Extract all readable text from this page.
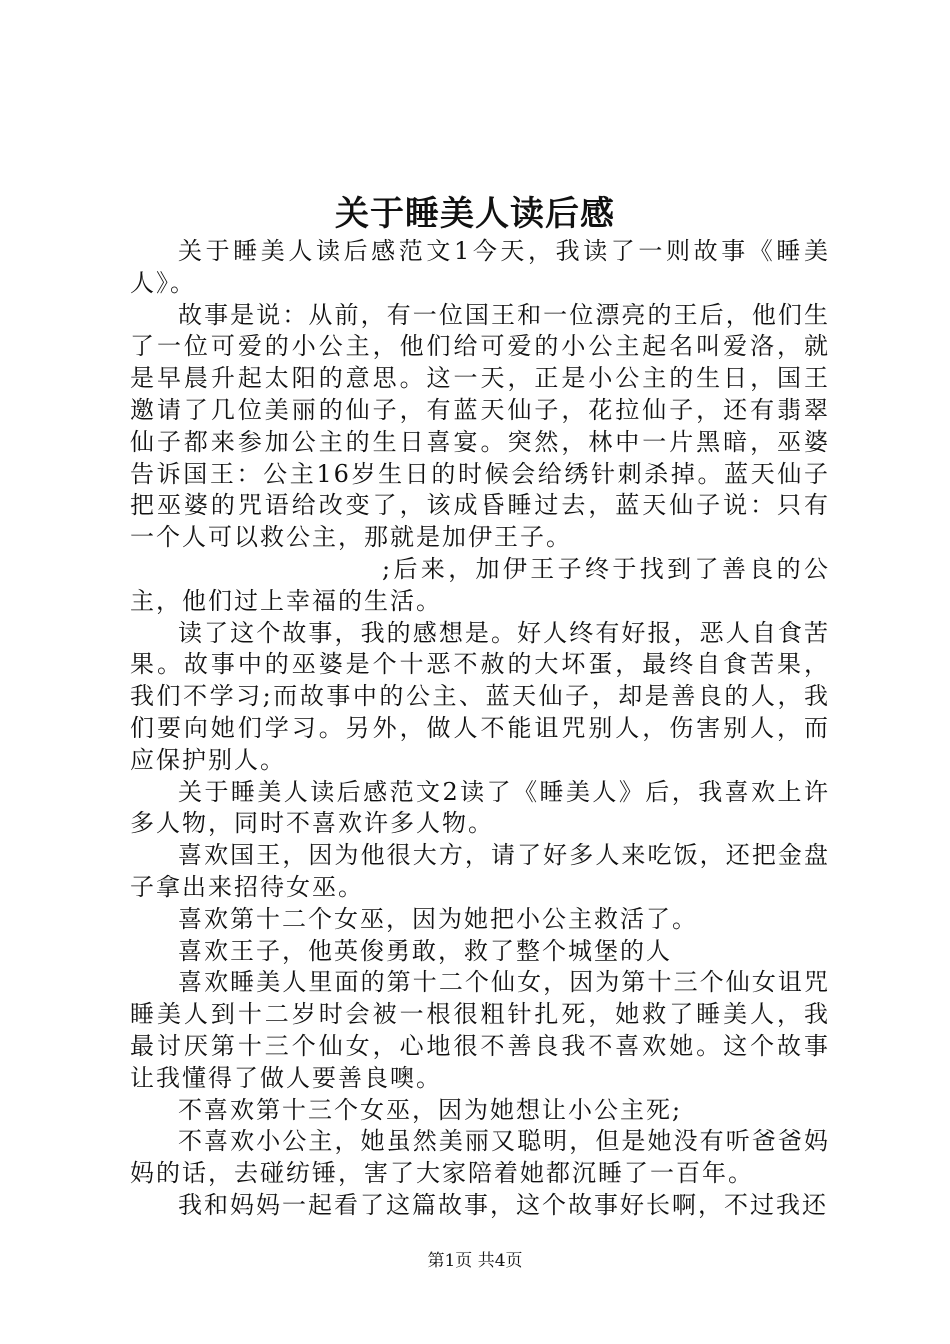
关于睡美人读后感

关于睡美人读后感范文1今天，我读了一则故事《睡美人》。

故事是说：从前，有一位国王和一位漂亮的王后，他们生了一位可爱的小公主，他们给可爱的小公主起名叫爱洛，就是早晨升起太阳的意思。这一天，正是小公主的生日，国王邀请了几位美丽的仙子，有蓝天仙子，花拉仙子，还有翡翠仙子都来参加公主的生日喜宴。突然，林中一片黑暗，巫婆告诉国王：公主16岁生日的时候会给绣针刺杀掉。蓝天仙子把巫婆的咒语给改变了，该成昏睡过去，蓝天仙子说：只有一个人可以救公主，那就是加伊王子。

;后来，加伊王子终于找到了善良的公主，他们过上幸福的生活。

读了这个故事，我的感想是。好人终有好报，恶人自食苦果。故事中的巫婆是个十恶不赦的大坏蛋，最终自食苦果，我们不学习;而故事中的公主、蓝天仙子，却是善良的人，我们要向她们学习。另外，做人不能诅咒别人，伤害别人，而应保护别人。

关于睡美人读后感范文2读了《睡美人》后，我喜欢上许多人物，同时不喜欢许多人物。

喜欢国王，因为他很大方，请了好多人来吃饭，还把金盘子拿出来招待女巫。

喜欢第十二个女巫，因为她把小公主救活了。

喜欢王子，他英俊勇敢，救了整个城堡的人

喜欢睡美人里面的第十二个仙女，因为第十三个仙女诅咒睡美人到十二岁时会被一根很粗针扎死，她救了睡美人，我最讨厌第十三个仙女，心地很不善良我不喜欢她。这个故事让我懂得了做人要善良噢。

不喜欢第十三个女巫，因为她想让小公主死;

不喜欢小公主，她虽然美丽又聪明，但是她没有听爸爸妈妈的话，去碰纺锤，害了大家陪着她都沉睡了一百年。

我和妈妈一起看了这篇故事，这个故事好长啊，不过我还

第1页 共4页
